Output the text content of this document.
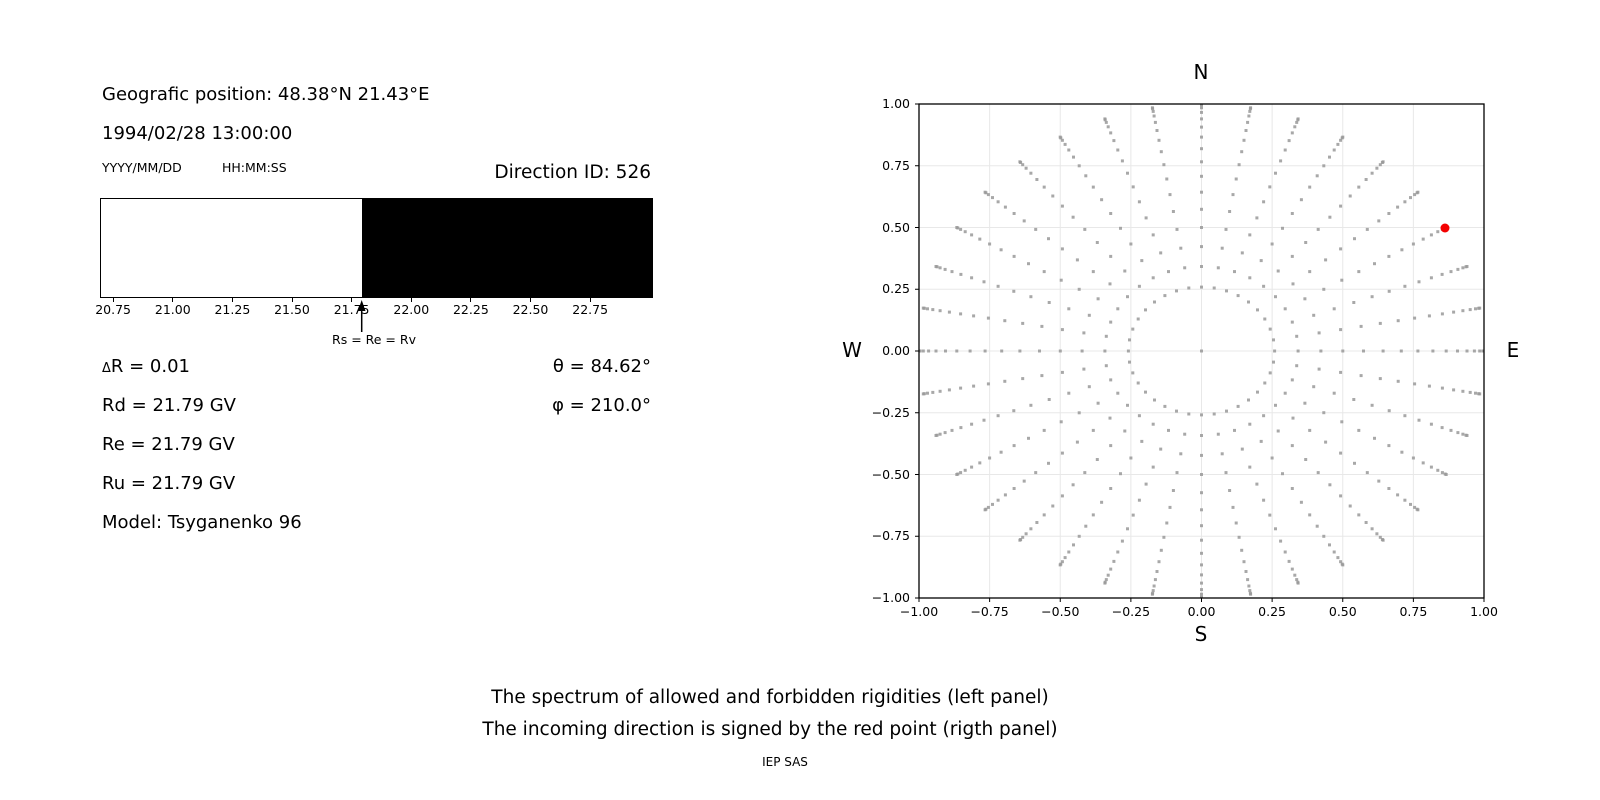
Geografic position: 48.38°N 21.43°E
1994/02/28 13:00:00
YYYY/MM/DD	HH:MM:SS	Direction ID: 526
Rs = Re = Rv
ΔR = 0.01
Rd = 21.79 GV
Re = 21.79 GV
Ru = 21.79 GV
Model: Tsyganenko 96
θ = 84.62°
φ = 210.0°
N
S
W	E
The spectrum of allowed and forbidden rigidities (left panel)
The incoming direction is signed by the red point (rigth panel)
IEP SAS
20.75	21.00	21.25	21.50	21.75	22.00	22.25	22.50	22.75
−1.00	−0.75	−0.50	−0.25	0.00	0.25	0.50	0.75	1.00
1.00
0.75
0.50
0.25
0.00
−0.25
−0.50
−0.75
−1.00
